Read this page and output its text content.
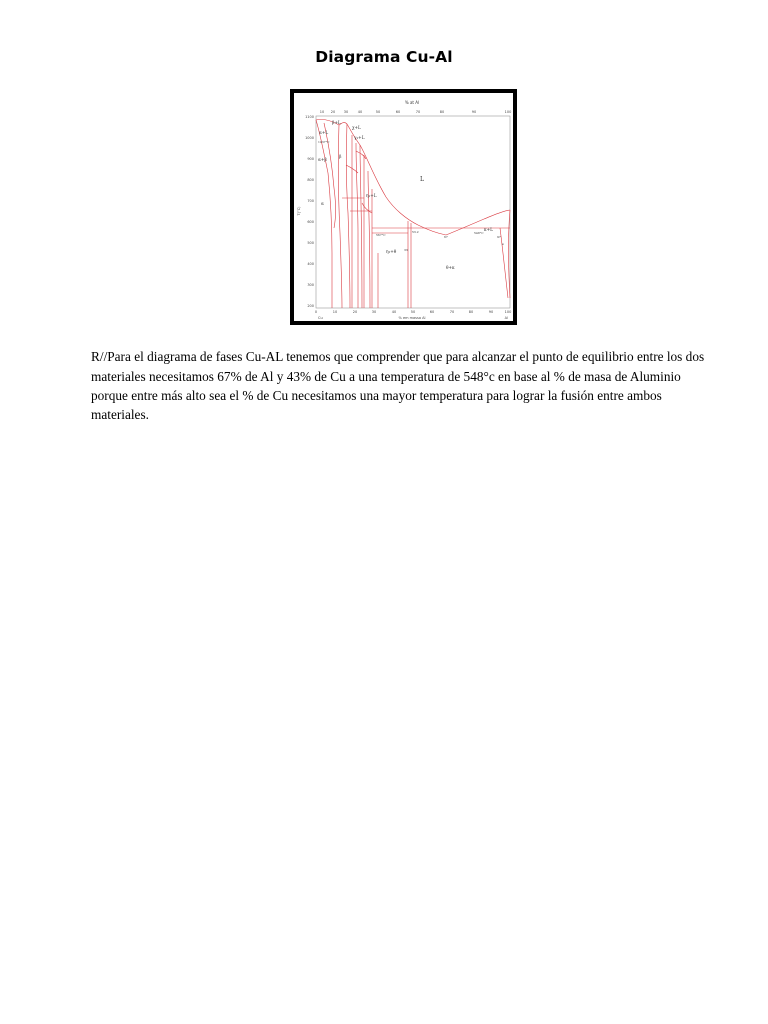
Diagrama Cu-Al
% at Al
10 20 30	40	50	60	70	80	90	100
1100
1000
900
800
700
600
500
400
300
200
T(°C)
0	10	20	30	40	50	60	70	80	90	100
Cu	Al
% em massa Al
L
β+L
α+L
χ+L
γ₁+L
η₁+L
κ+L
α+β
β
α
θ+κ
η₂+θ
1037°C
567°C	548°C
67
53.2
97
κ
33

R//Para el diagrama de fases Cu-AL tenemos que comprender que para alcanzar el punto de equilibrio entre los dos materiales necesitamos 67% de Al y 43% de Cu a una temperatura de 548°c en base al % de masa de Aluminio porque entre más alto sea el % de Cu necesitamos una mayor temperatura para lograr la fusión entre ambos materiales.
